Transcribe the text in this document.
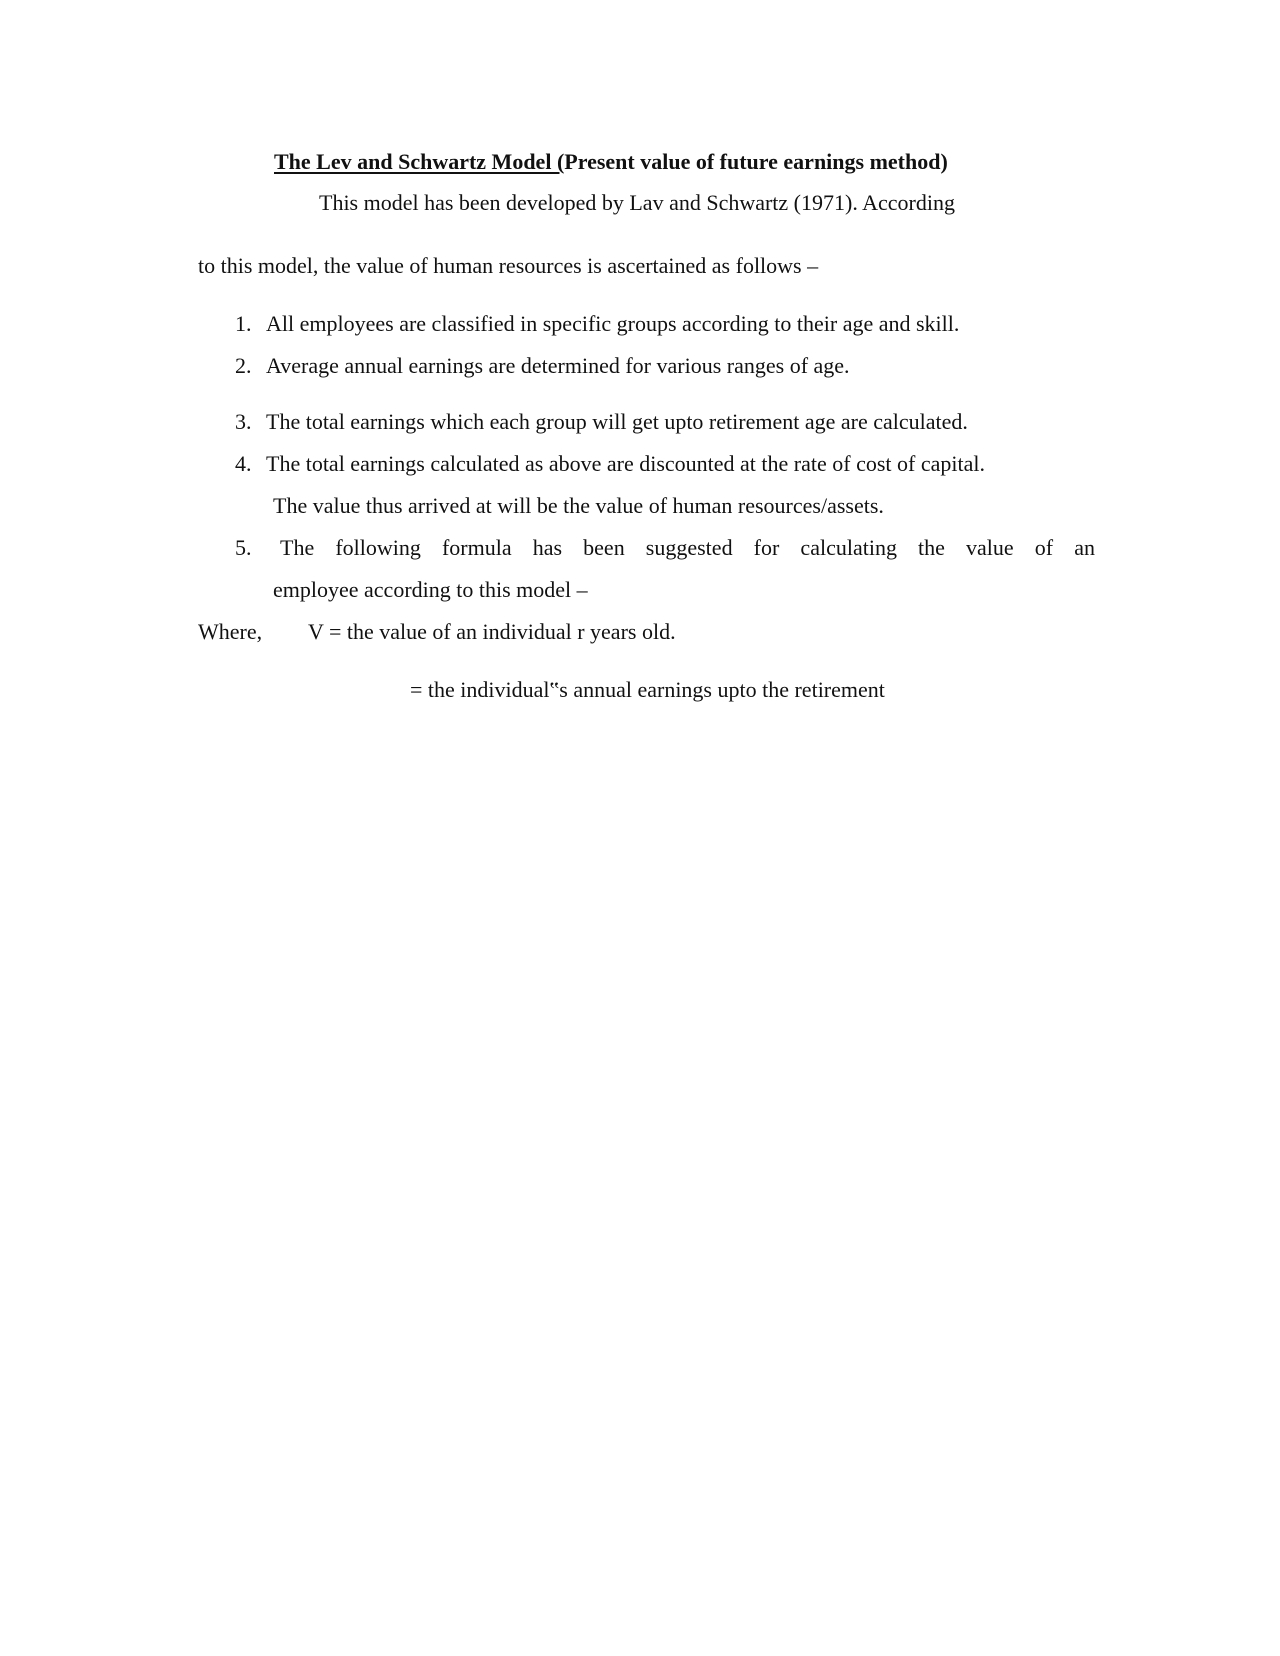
The Lev and Schwartz Model (Present value of future earnings method)
This model has been developed by Lav and Schwartz (1971). According
to this model, the value of human resources is ascertained as follows –
1. All employees are classified in specific groups according to their age and skill.
2. Average annual earnings are determined for various ranges of age.
3. The total earnings which each group will get upto retirement age are calculated.
4. The total earnings calculated as above are discounted at the rate of cost of capital.
The value thus arrived at will be the value of human resources/assets.
5. The following formula has been suggested for calculating the value of an
employee according to this model –
Where, V = the value of an individual r years old.
= the individual‟s annual earnings upto the retirement
